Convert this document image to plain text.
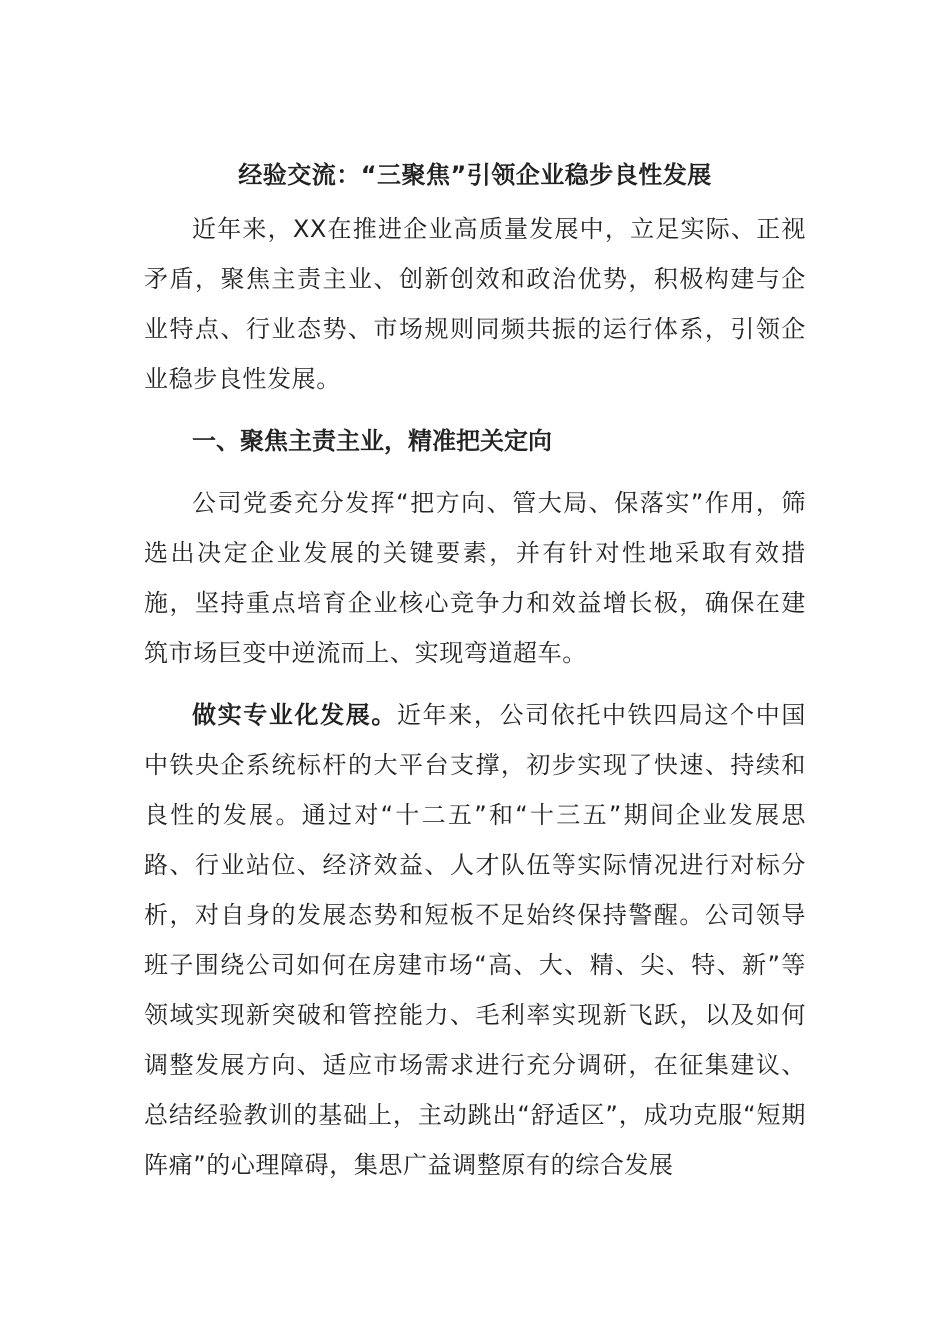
经验交流：“三聚焦”引领企业稳步良性发展

近年来，XX在推进企业高质量发展中，立足实际、正视矛盾，聚焦主责主业、创新创效和政治优势，积极构建与企业特点、行业态势、市场规则同频共振的运行体系，引领企业稳步良性发展。

一、聚焦主责主业，精准把关定向

公司党委充分发挥“把方向、管大局、保落实”作用，筛选出决定企业发展的关键要素，并有针对性地采取有效措施，坚持重点培育企业核心竞争力和效益增长极，确保在建筑市场巨变中逆流而上、实现弯道超车。

做实专业化发展。近年来，公司依托中铁四局这个中国中铁央企系统标杆的大平台支撑，初步实现了快速、持续和良性的发展。通过对“十二五”和“十三五”期间企业发展思路、行业站位、经济效益、人才队伍等实际情况进行对标分析，对自身的发展态势和短板不足始终保持警醒。公司领导班子围绕公司如何在房建市场“高、大、精、尖、特、新”等领域实现新突破和管控能力、毛利率实现新飞跃，以及如何调整发展方向、适应市场需求进行充分调研，在征集建议、总结经验教训的基础上，主动跳出“舒适区”，成功克服“短期阵痛”的心理障碍，集思广益调整原有的综合发展
